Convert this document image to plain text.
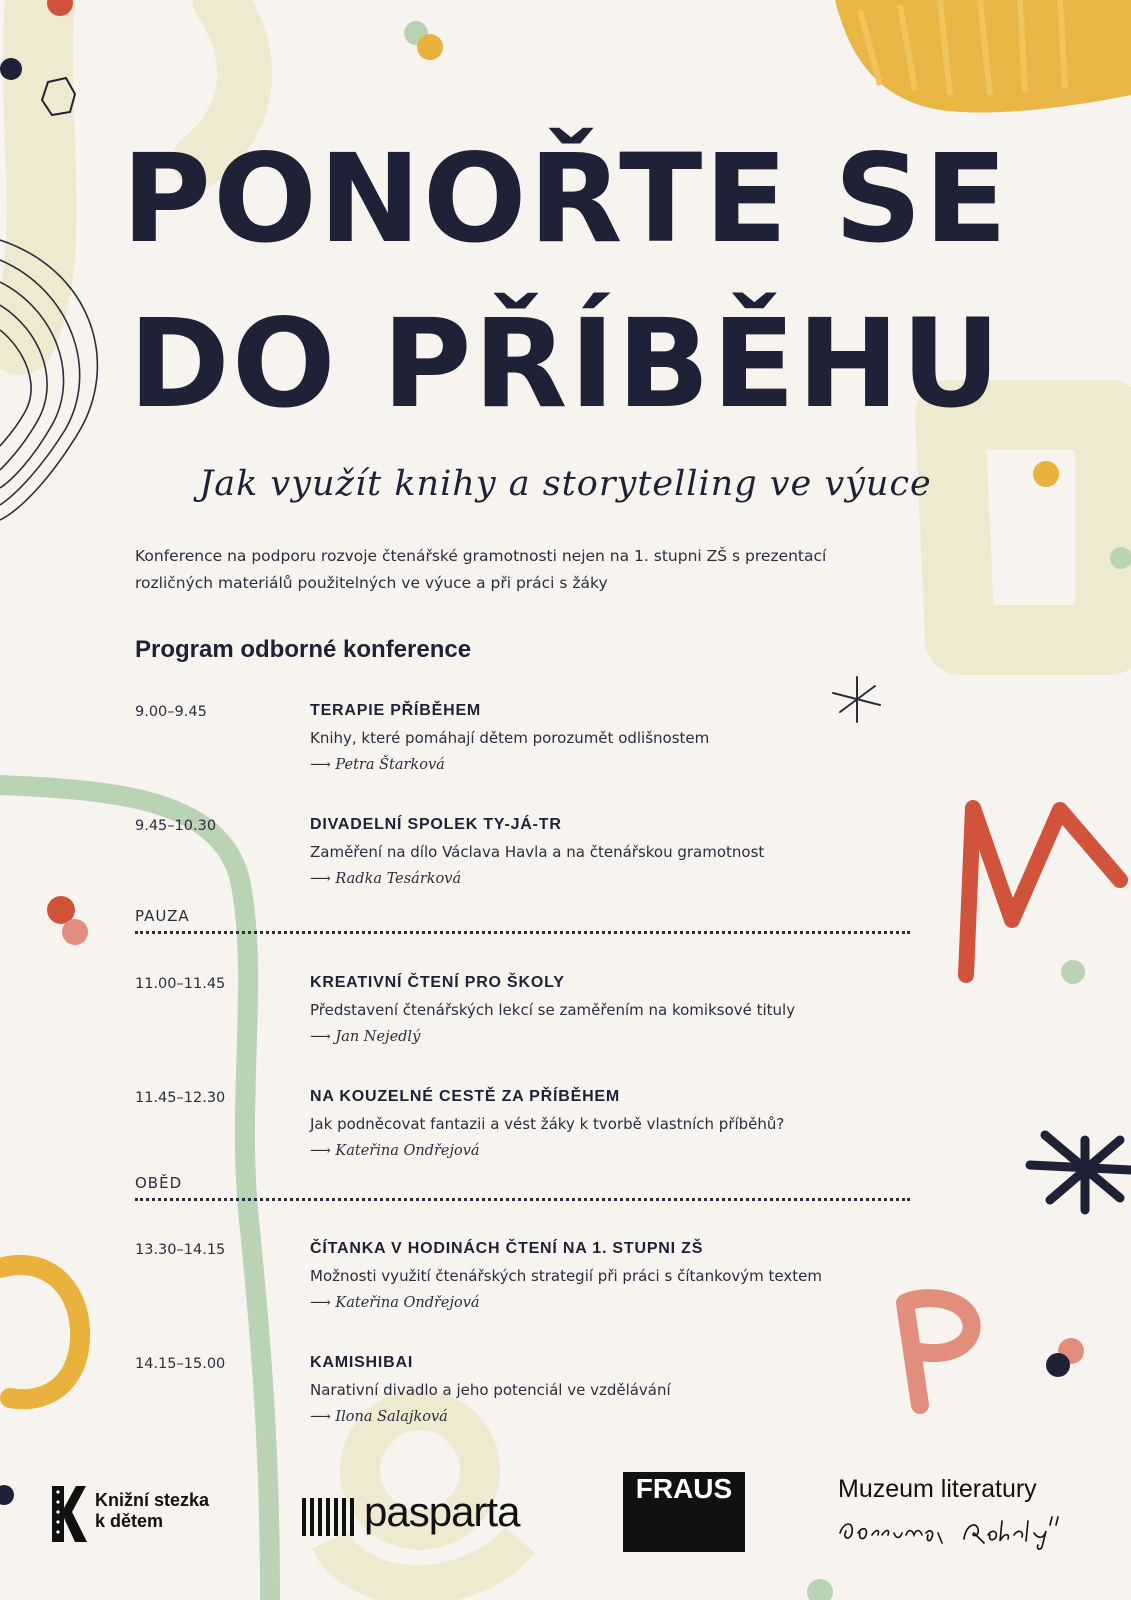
PONOŘTE SE
DO PŘÍBĚHU
Jak využít knihy a storytelling ve výuce
Konference na podporu rozvoje čtenářské gramotnosti nejen na 1. stupni ZŠ s prezentací
rozličných materiálů použitelných ve výuce a při práci s žáky
Program odborné konference
9.00–9.45	TERAPIE PŘÍBĚHEM
Knihy, které pomáhají dětem porozumět odlišnostem
⟶ Petra Štarková
9.45–10.30	DIVADELNÍ SPOLEK TY-JÁ-TR
Zaměření na dílo Václava Havla a na čtenářskou gramotnost
⟶ Radka Tesárková
PAUZA
11.00–11.45	KREATIVNÍ ČTENÍ PRO ŠKOLY
Představení čtenářských lekcí se zaměřením na komiksové tituly
⟶ Jan Nejedlý
11.45–12.30	NA KOUZELNÉ CESTĚ ZA PŘÍBĚHEM
Jak podněcovat fantazii a vést žáky k tvorbě vlastních příběhů?
⟶ Kateřina Ondřejová
OBĚD
13.30–14.15	ČÍTANKA V HODINÁCH ČTENÍ NA 1. STUPNI ZŠ
Možnosti využití čtenářských strategií při práci s čítankovým textem
⟶ Kateřina Ondřejová
14.15–15.00	KAMISHIBAI
Narativní divadlo a jeho potenciál ve vzdělávání
⟶ Ilona Salajková
Knižní stezka
k dětem	pasparta	FRAUS	Muzeum literatury
